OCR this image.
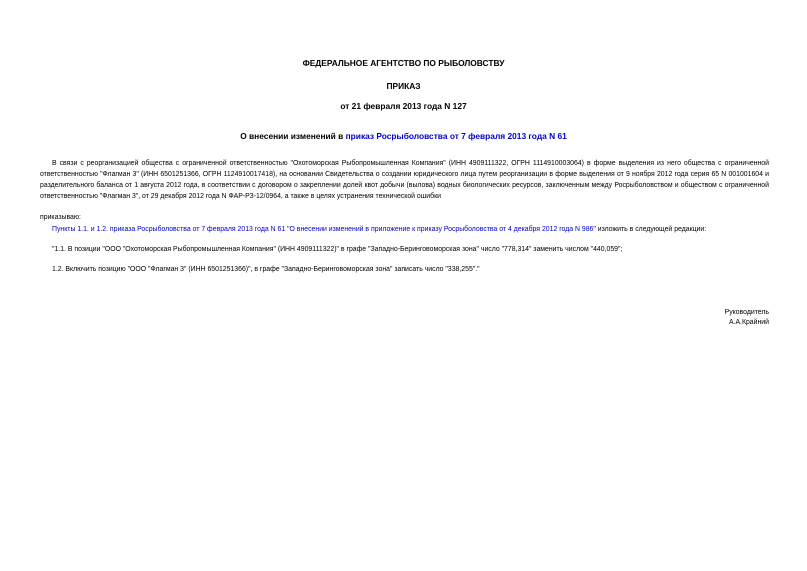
ФЕДЕРАЛЬНОЕ АГЕНТСТВО ПО РЫБОЛОВСТВУ
ПРИКАЗ
от 21 февраля 2013 года N 127
О внесении изменений в приказ Росрыболовства от 7 февраля 2013 года N 61
В связи с реорганизацией общества с ограниченной ответственностью "Охотоморская Рыбопромышленная Компания" (ИНН 4909111322, ОГРН 1114910003064) в форме выделения из него общества с ограниченной ответственностью "Флагман 3" (ИНН 6501251366, ОГРН 1124910017418), на основании Свидетельства о создании юридического лица путем реорганизации в форме выделения от 9 ноября 2012 года серия 65 N 001001604 и разделительного баланса от 1 августа 2012 года, в соответствии с договором о закреплении долей квот добычи (вылова) водных биологических ресурсов, заключенным между Росрыболовством и обществом с ограниченной ответственностью "Флагман 3", от 29 декабря 2012 года N ФАР-РЗ-12/0964, а также в целях устранения технической ошибки
приказываю:
Пункты 1.1. и 1.2. приказа Росрыболовства от 7 февраля 2013 года N 61 "О внесении изменений в приложение к приказу Росрыболовства от 4 декабря 2012 года N 986" изложить в следующей редакции:
"1.1. В позиции "ООО "Охотоморская Рыбопромышленная Компания" (ИНН 4909111322)" в графе "Западно-Беринговоморская зона" число "778,314" заменить числом "440,059";
1.2. Включить позицию "ООО "Флагман 3" (ИНН 6501251366)", в графе "Западно-Беринговоморская зона" записать число "338,255"."
Руководитель
А.А.Крайний
